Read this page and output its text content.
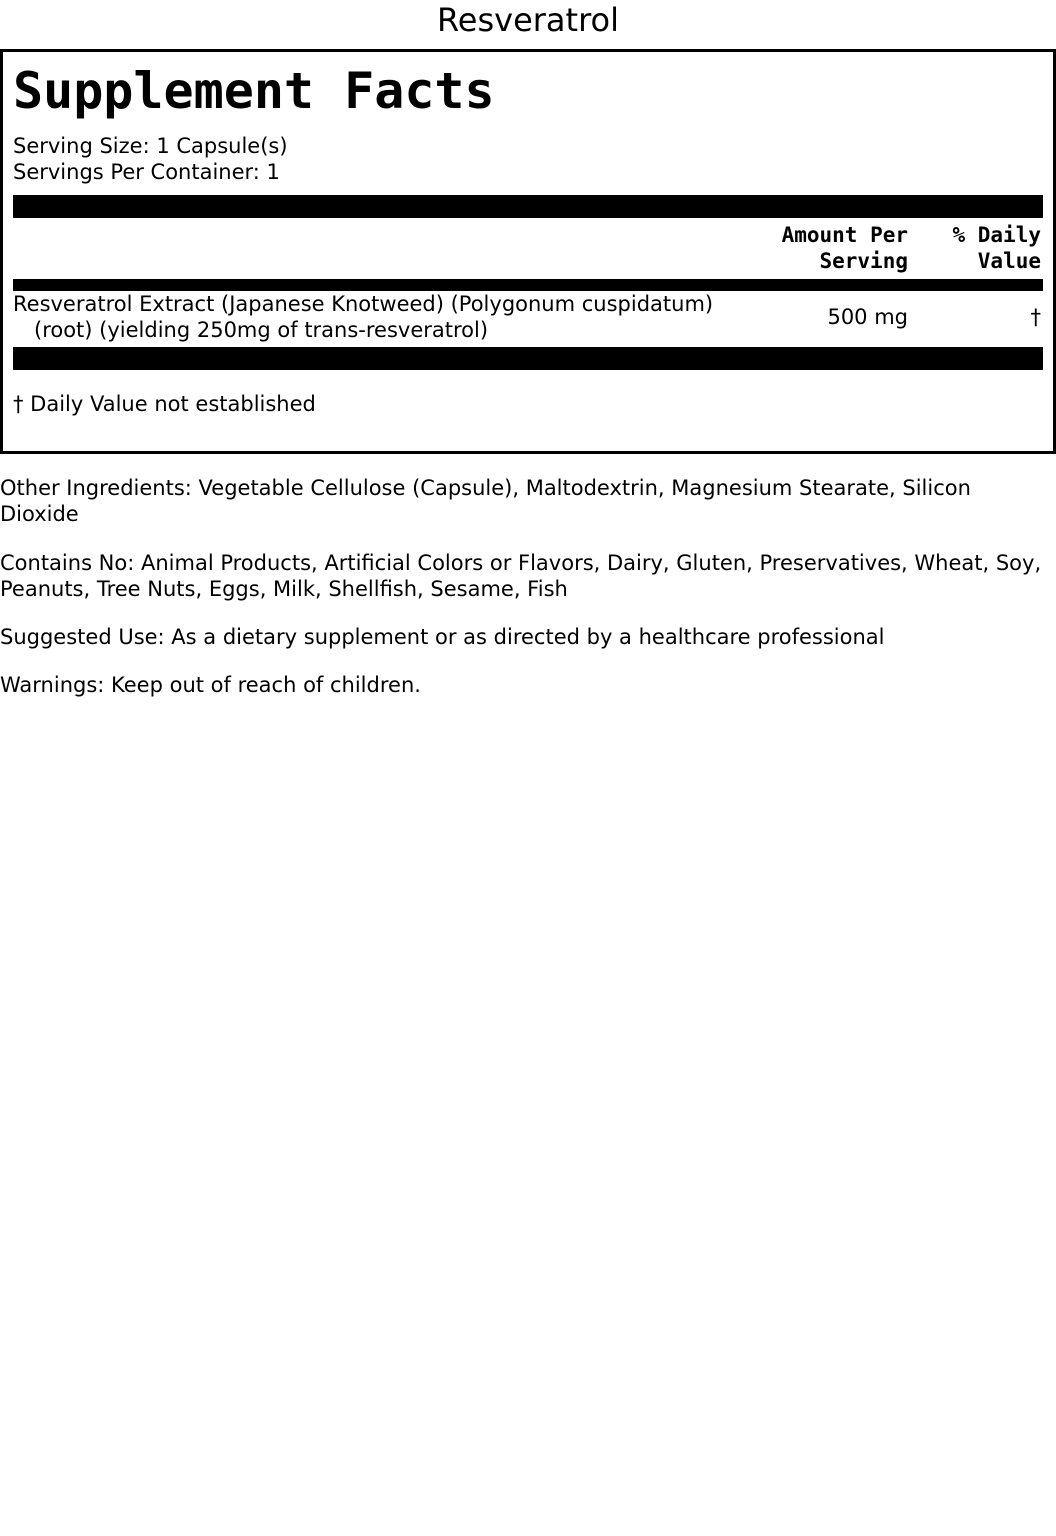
Resveratrol
Supplement Facts
Serving Size: 1 Capsule(s)
Servings Per Container: 1
Amount Per
Serving
% Daily
Value
Resveratrol Extract (Japanese Knotweed) (Polygonum cuspidatum)(root) (yielding 250mg of trans-resveratrol)
500 mg	†
† Daily Value not established

Other Ingredients: Vegetable Cellulose (Capsule), Maltodextrin, Magnesium Stearate, Silicon Dioxide

Contains No: Animal Products, Artificial Colors or Flavors, Dairy, Gluten, Preservatives, Wheat, Soy, Peanuts, Tree Nuts, Eggs, Milk, Shellfish, Sesame, Fish

Suggested Use: As a dietary supplement or as directed by a healthcare professional

Warnings: Keep out of reach of children.
